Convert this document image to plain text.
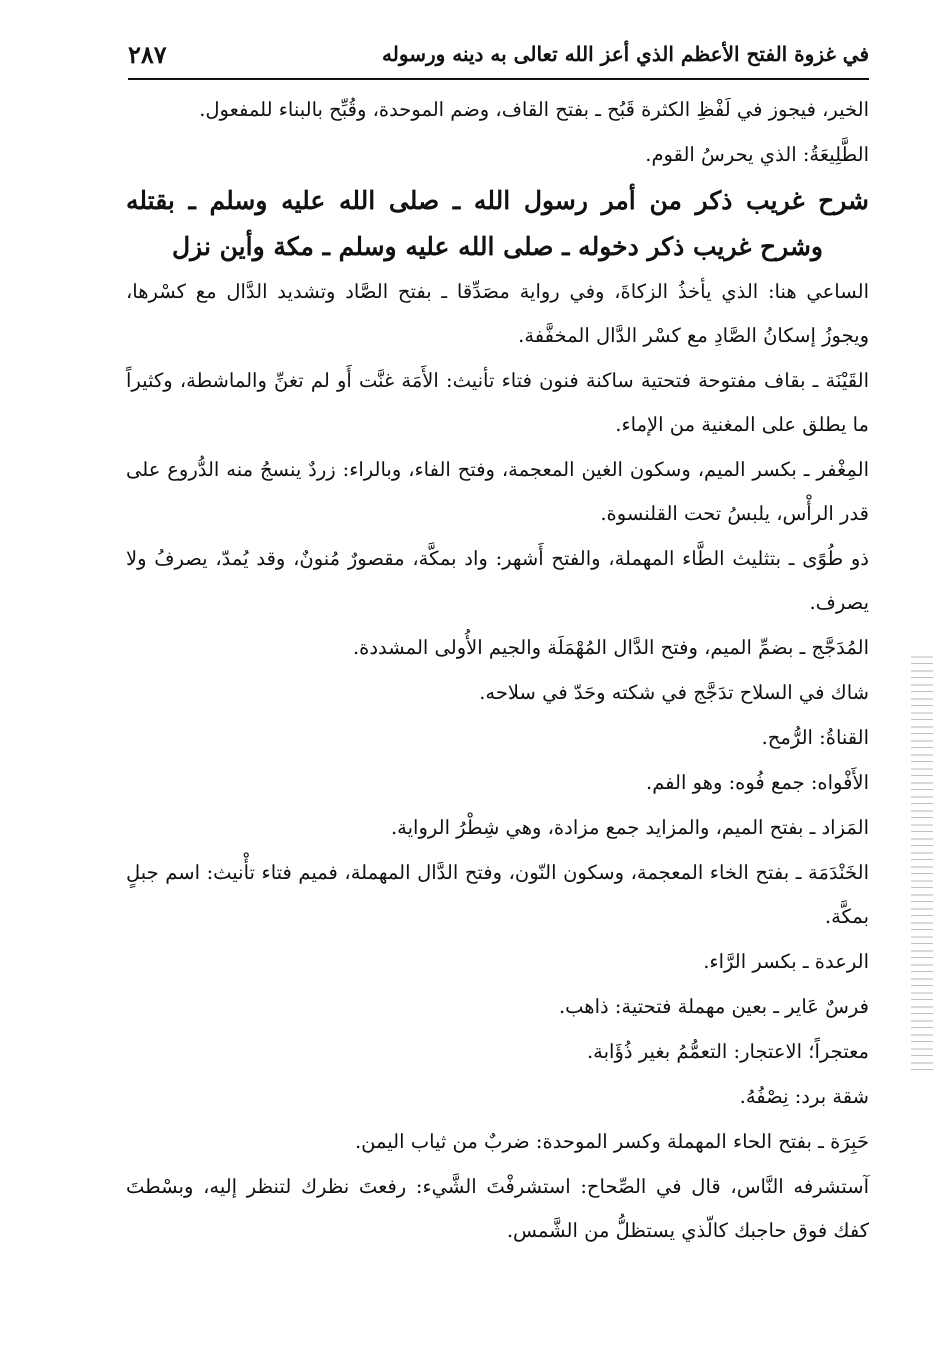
في غزوة الفتح الأعظم الذي أعز الله تعالى به دينه ورسوله
٢٨٧

الخير، فيجوز في لَفْظِ الكثرة قَبُح ـ بفتح القاف، وضم الموحدة، وقُبِّح بالبناء للمفعول.

الطَّلِيعَةُ: الذي يحرسُ القوم.

شرح غريب ذكر من أمر رسول الله ـ صلى الله عليه وسلم ـ بقتله وشرح غريب ذكر دخوله ـ صلى الله عليه وسلم ـ مكة وأين نزل

الساعي هنا: الذي يأخذُ الزكاةَ، وفي رواية مصَدِّقا ـ بفتح الصَّاد وتشديد الدَّال مع كسْرها، ويجوزُ إسكانُ الصَّادِ مع كسْر الدَّال المخفَّفة.

القَيْنَة ـ بقاف مفتوحة فتحتية ساكنة فنون فتاء تأنيث: الأَمَة غنَّت أَو لم تغنِّ والماشطة، وكثيراً ما يطلق على المغنية من الإماء.

المِغْفر ـ بكسر الميم، وسكون الغين المعجمة، وفتح الفاء، وبالراء: زردٌ ينسجُ منه الدُّروع على قدر الرأْس، يلبسُ تحت القلنسوة.

ذو طُوًى ـ بتثليث الطَّاء المهملة، والفتح أَشهر: واد بمكَّة، مقصورٌ مُنونٌ، وقد يُمدّ، يصرفُ ولا يصرف.

المُدَجَّج ـ بضمِّ الميم، وفتح الدَّال المُهْمَلَة والجيم الأُولى المشددة.

شاك في السلاح تدَجَّج في شكته وحَدّ في سلاحه.

القناةُ: الرُّمح.

الأَفْواه: جمع فُوه: وهو الفم.

المَزاد ـ بفتح الميم، والمزايد جمع مزادة، وهي شِطْرُ الرواية.

الخَنْدَمَة ـ بفتح الخاء المعجمة، وسكون النّون، وفتح الدَّال المهملة، فميم فتاء تأْنيث: اسم جبلٍ بمكَّة.

الرعدة ـ بكسر الرَّاء.

فرسٌ عَاير ـ بعين مهملة فتحتية: ذاهب.

معتجراً؛ الاعتجار: التعمُّمُ بغير ذُؤَابة.

شقة برد: نِصْفُهُ.

حَبِرَة ـ بفتح الحاء المهملة وكسر الموحدة: ضربٌ من ثياب اليمن.

آستشرفه النَّاس، قال في الصِّحاح: استشرفْتَ الشَّيء: رفعتَ نظرك لتنظر إليه، وبسْطتَ كفك فوق حاجبك كالّذي يستظلُّ من الشَّمس.
